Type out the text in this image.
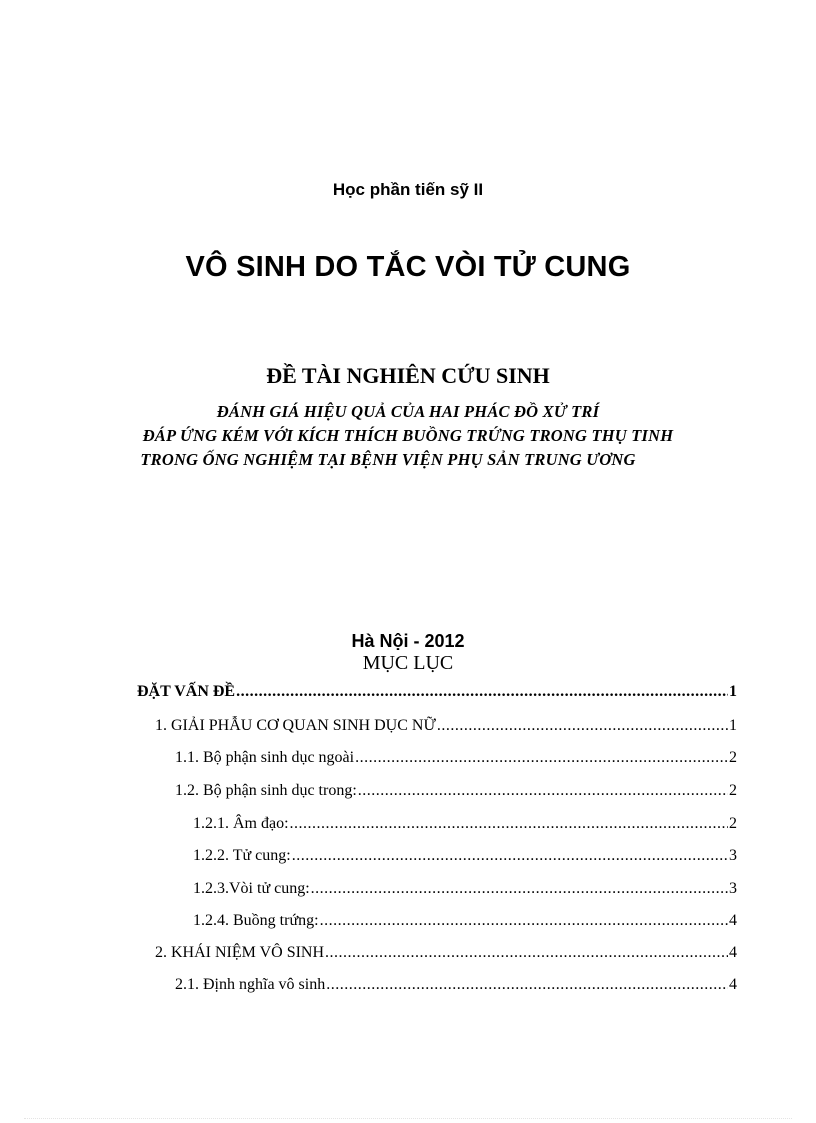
Học phần tiến sỹ II
VÔ SINH DO TẮC VÒI TỬ CUNG
ĐỀ TÀI NGHIÊN CỨU SINH
ĐÁNH GIÁ HIỆU QUẢ CỦA HAI PHÁC ĐỒ XỬ TRÍ
ĐÁP ỨNG KÉM VỚI KÍCH THÍCH BUỒNG TRỨNG TRONG THỤ TINH
TRONG ỐNG NGHIỆM TẠI BỆNH VIỆN PHỤ SẢN TRUNG ƯƠNG
Hà Nội - 2012
MỤC LỤC
ĐẶT VẤN ĐỀ .....	1
1. GIẢI PHẪU CƠ QUAN SINH DỤC NỮ .....	1
1.1. Bộ phận sinh dục ngoài .....	2
1.2. Bộ phận sinh dục trong: .....	2
1.2.1. Âm đạo: .....	2
1.2.2. Tử cung: .....	3
1.2.3.Vòi tử cung: .....	3
1.2.4. Buồng trứng: .....	4
2. KHÁI NIỆM VÔ SINH .....	4
2.1. Định nghĩa vô sinh .....	4
